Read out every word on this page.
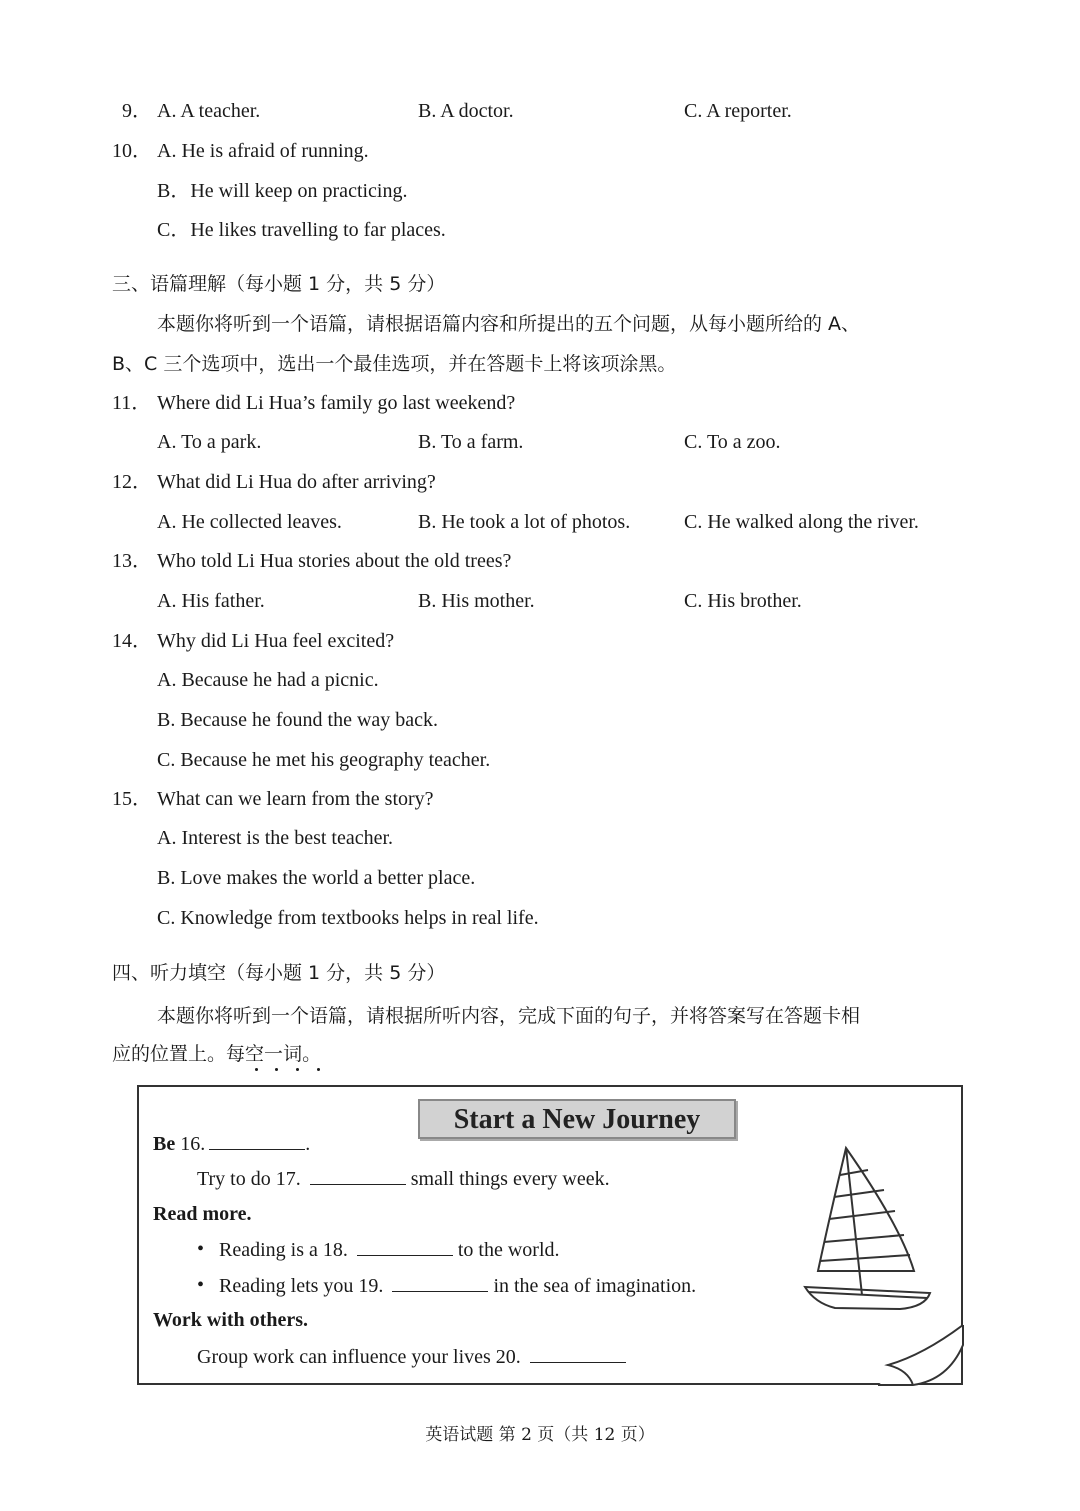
9． A. A teacher.	B. A doctor.	C. A reporter.
10． A. He is afraid of running.
B．He will keep on practicing.
C．He likes travelling to far places.
三、语篇理解（每小题 1 分，共 5 分）
本题你将听到一个语篇，请根据语篇内容和所提出的五个问题，从每小题所给的 A、
B、C 三个选项中，选出一个最佳选项，并在答题卡上将该项涂黑。
11． Where did Li Hua’s family go last weekend?
A. To a park.	B. To a farm.	C. To a zoo.
12． What did Li Hua do after arriving?
A. He collected leaves.	B. He took a lot of photos.	C. He walked along the river.
13． Who told Li Hua stories about the old trees?
A. His father.	B. His mother.	C. His brother.
14． Why did Li Hua feel excited?
A. Because he had a picnic.
B. Because he found the way back.
C. Because he met his geography teacher.
15． What can we learn from the story?
A. Interest is the best teacher.
B. Love makes the world a better place.
C. Knowledge from textbooks helps in real life.
四、听力填空（每小题 1 分，共 5 分）
本题你将听到一个语篇，请根据所听内容，完成下面的句子，并将答案写在答题卡相
应的位置上。每空一词。
Start a New Journey
Be 16.	.
Try to do 17.	small things every week.
Read more.
• Reading is a 18.	to the world.
• Reading lets you 19.	in the sea of imagination.
Work with others.
Group work can influence your lives 20.
英语试题 第 2 页（共 12 页）
